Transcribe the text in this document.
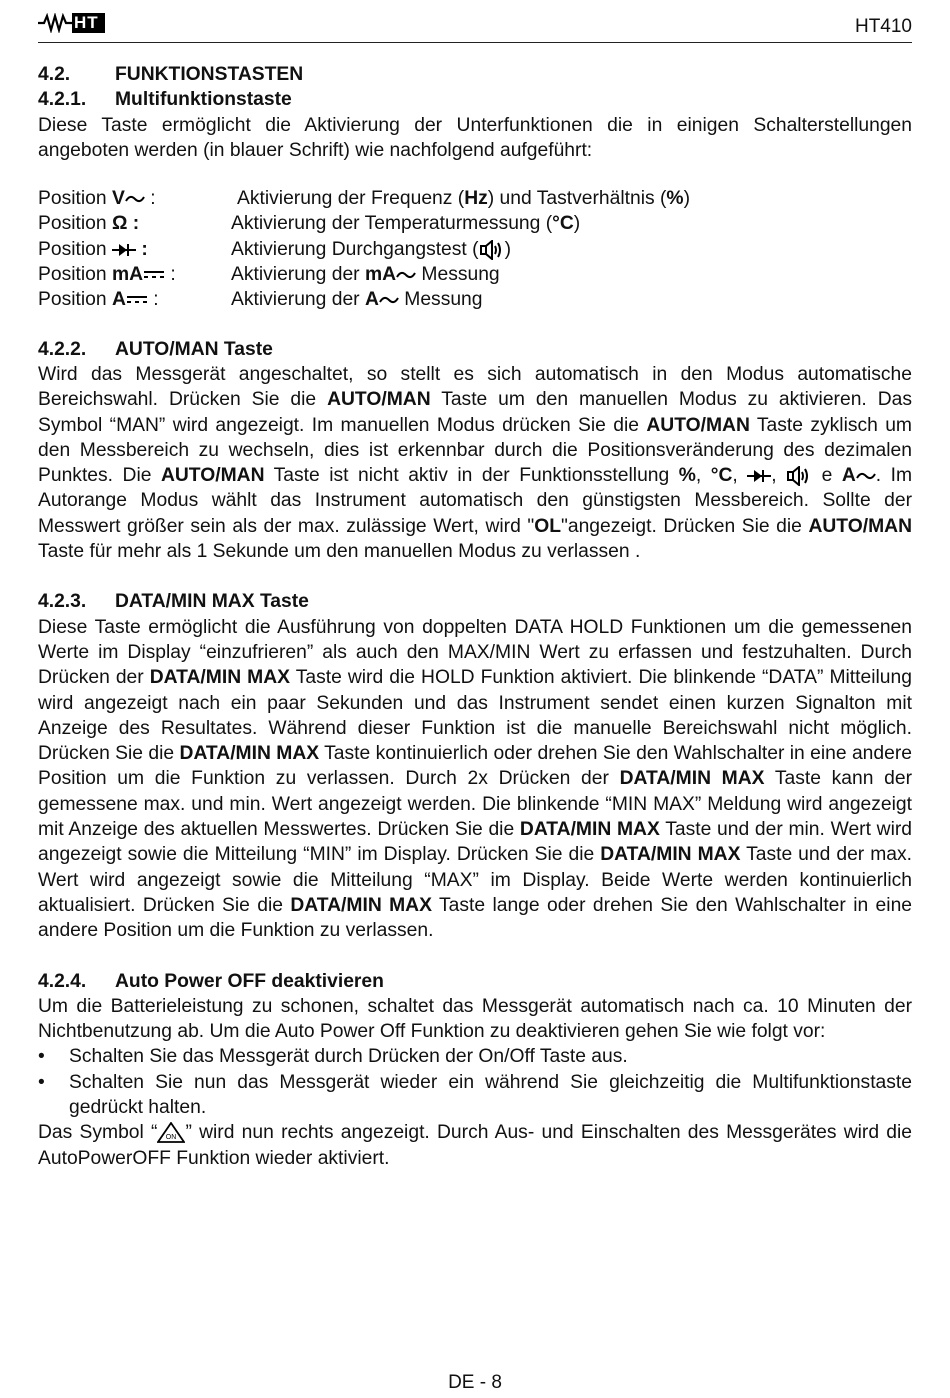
HT	HT410
4.2. FUNKTIONSTASTEN
4.2.1. Multifunktionstaste

Diese Taste ermöglicht die Aktivierung der Unterfunktionen die in einigen Schalterstellungen angeboten werden (in blauer Schrift) wie nachfolgend aufgeführt:

Position V :	Aktivierung der Frequenz (Hz) und Tastverhältnis (%)
Position Ω :	Aktivierung der Temperaturmessung (°C)
Position :	Aktivierung Durchgangstest ( )
Position mA :	Aktivierung der mA Messung
Position A :	Aktivierung der A Messung
4.2.2. AUTO/MAN Taste

Wird das Messgerät angeschaltet, so stellt es sich automatisch in den Modus automatische Bereichswahl. Drücken Sie die AUTO/MAN Taste um den manuellen Modus zu aktivieren. Das Symbol “MAN” wird angezeigt. Im manuellen Modus drücken Sie die AUTO/MAN Taste zyklisch um den Messbereich zu wechseln, dies ist erkennbar durch die Positionsveränderung des dezimalen Punktes. Die AUTO/MAN Taste ist nicht aktiv in der Funktionsstellung %, °C, ,  e A . Im Autorange Modus wählt das Instrument automatisch den günstigsten Messbereich. Sollte der Messwert größer sein als der max. zulässige Wert, wird "OL"angezeigt. Drücken Sie die AUTO/MAN Taste für mehr als 1 Sekunde um den manuellen Modus zu verlassen .

4.2.3. DATA/MIN MAX Taste

Diese Taste ermöglicht die Ausführung von doppelten DATA HOLD Funktionen um die gemessenen Werte im Display “einzufrieren” als auch den MAX/MIN Wert zu erfassen und festzuhalten. Durch Drücken der DATA/MIN MAX Taste wird die HOLD Funktion aktiviert. Die blinkende “DATA” Mitteilung wird angezeigt nach ein paar Sekunden und das Instrument sendet einen kurzen Signalton mit Anzeige des Resultates. Während dieser Funktion ist die manuelle Bereichswahl nicht möglich. Drücken Sie die DATA/MIN MAX Taste kontinuierlich oder drehen Sie den Wahlschalter in eine andere Position um die Funktion zu verlassen. Durch 2x Drücken der DATA/MIN MAX Taste kann der gemessene max. und min. Wert angezeigt werden. Die blinkende “MIN MAX” Meldung wird angezeigt mit Anzeige des aktuellen Messwertes. Drücken Sie die DATA/MIN MAX Taste und der min. Wert wird angezeigt sowie die Mitteilung “MIN” im Display. Drücken Sie die DATA/MIN MAX Taste und der max. Wert wird angezeigt sowie die Mitteilung “MAX” im Display. Beide Werte werden kontinuierlich aktualisiert. Drücken Sie die DATA/MIN MAX Taste lange oder drehen Sie den Wahlschalter in eine andere Position um die Funktion zu verlassen.

4.2.4. Auto Power OFF deaktivieren

Um die Batterieleistung zu schonen, schaltet das Messgerät automatisch nach ca. 10 Minuten der Nichtbenutzung ab. Um die Auto Power Off Funktion zu deaktivieren gehen Sie wie folgt vor:

• Schalten Sie das Messgerät durch Drücken der On/Off Taste aus.
• Schalten Sie nun das Messgerät wieder ein während Sie gleichzeitig die Multifunktionstaste gedrückt halten.

Das Symbol “ ON ” wird nun rechts angezeigt. Durch Aus- und Einschalten des Messgerätes wird die AutoPowerOFF Funktion wieder aktiviert.

DE - 8
